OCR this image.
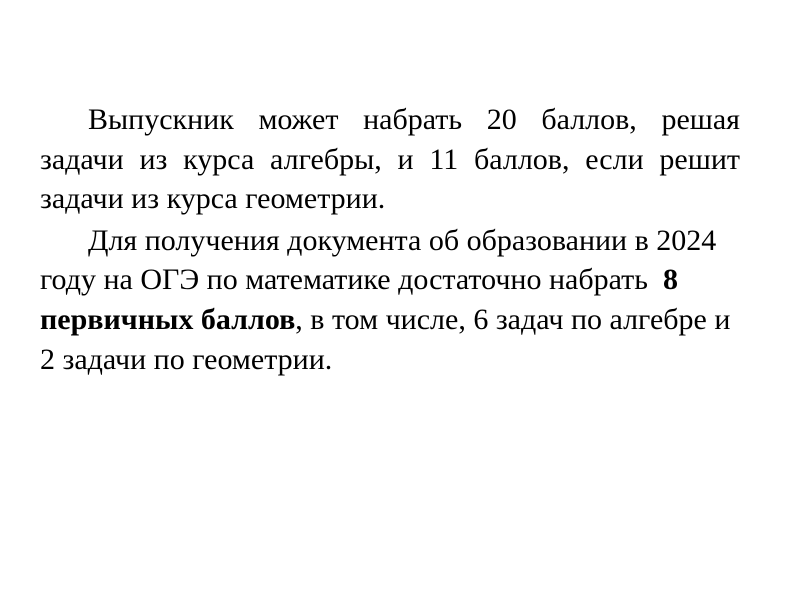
Выпускник может набрать 20 баллов, решая задачи из курса алгебры, и 11 баллов, если решит задачи из курса геометрии.

Для получения документа об образовании в 2024 году на ОГЭ по математике достаточно набрать 8 первичных баллов, в том числе, 6 задач по алгебре и 2 задачи по геометрии.
